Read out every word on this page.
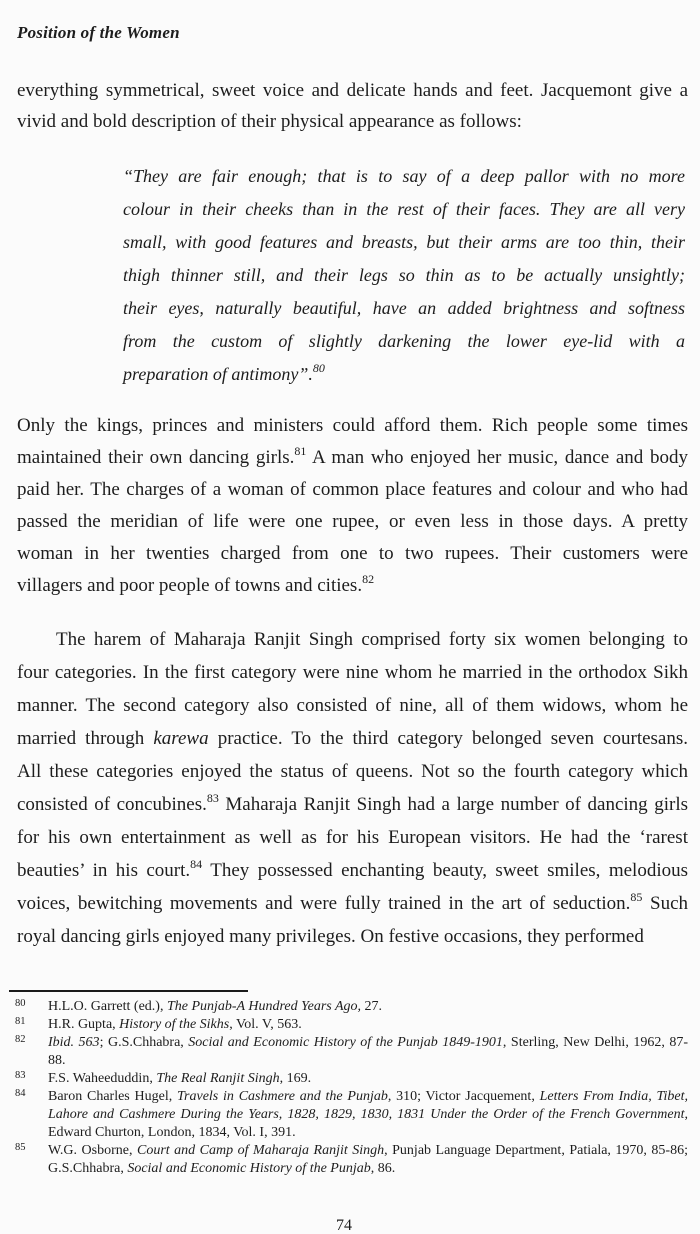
Position of the Women
everything symmetrical, sweet voice and delicate hands and feet. Jacquemont give a
vivid and bold description of their physical appearance as follows:
“They are fair enough; that is to say of a deep pallor with no more
colour in their cheeks than in the rest of their faces. They are all very
small, with good features and breasts, but their arms are too thin, their
thigh thinner still, and their legs so thin as to be actually unsightly;
their eyes, naturally beautiful, have an added brightness and softness
from the custom of slightly darkening the lower eye-lid with a
preparation of antimony”.$^{80}$
Only the kings, princes and ministers could afford them. Rich people some times
maintained their own dancing girls.$^{81}$ A man who enjoyed her music, dance and body
paid her. The charges of a woman of common place features and colour and who had
passed the meridian of life were one rupee, or even less in those days. A pretty
woman in her twenties charged from one to two rupees. Their customers were
villagers and poor people of towns and cities.$^{82}$
The harem of Maharaja Ranjit Singh comprised forty six women belonging to
four categories. In the first category were nine whom he married in the orthodox Sikh
manner. The second category also consisted of nine, all of them widows, whom he
married through karewa practice. To the third category belonged seven courtesans.
All these categories enjoyed the status of queens. Not so the fourth category which
consisted of concubines.$^{83}$ Maharaja Ranjit Singh had a large number of dancing girls
for his own entertainment as well as for his European visitors. He had the ‘rarest
beauties’ in his court.$^{84}$ They possessed enchanting beauty, sweet smiles, melodious
voices, bewitching movements and were fully trained in the art of seduction.$^{85}$ Such
royal dancing girls enjoyed many privileges. On festive occasions, they performed
80 H.L.O. Garrett (ed.), The Punjab-A Hundred Years Ago, 27.
81 H.R. Gupta, History of the Sikhs, Vol. V, 563.
82 Ibid. 563; G.S.Chhabra, Social and Economic History of the Punjab 1849-1901, Sterling, New Delhi, 1962, 87-88.
83 F.S. Waheeduddin, The Real Ranjit Singh, 169.
84 Baron Charles Hugel, Travels in Cashmere and the Punjab, 310; Victor Jacquement, Letters From India, Tibet, Lahore and Cashmere During the Years, 1828, 1829, 1830, 1831 Under the Order of the French Government, Edward Churton, London, 1834, Vol. I, 391.
85 W.G. Osborne, Court and Camp of Maharaja Ranjit Singh, Punjab Language Department, Patiala, 1970, 85-86; G.S.Chhabra, Social and Economic History of the Punjab, 86.
74
